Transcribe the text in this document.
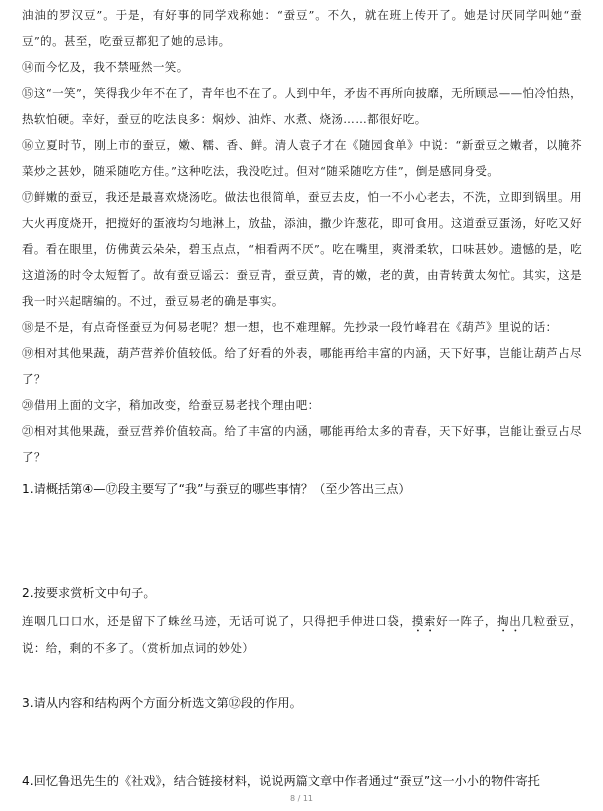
油油的罗汉豆”。于是，有好事的同学戏称她：“蚕豆”。不久，就在班上传开了。她是讨厌同学叫她“蚕豆”的。甚至，吃蚕豆都犯了她的忌讳。
⑭而今忆及，我不禁哑然一笑。
⑮这“一笑”，笑得我少年不在了，青年也不在了。人到中年，矛齿不再所向披靡，无所顾忌——怕冷怕热，热软怕硬。幸好，蚕豆的吃法良多：焖炒、油炸、水煮、烧汤……都很好吃。
⑯立夏时节，刚上市的蚕豆，嫩、糯、香、鲜。清人袁子才在《随园食单》中说：“新蚕豆之嫩者，以腌芥菜炒之甚妙，随采随吃方佳。”这种吃法，我没吃过。但对“随采随吃方佳”，倒是感同身受。
⑰鲜嫩的蚕豆，我还是最喜欢烧汤吃。做法也很简单，蚕豆去皮，怕一不小心老去，不洗，立即到锅里。用大火再度烧开，把搅好的蛋液均匀地淋上，放盐，添油，撒少许葱花，即可食用。这道蚕豆蛋汤，好吃又好看。看在眼里，仿佛黄云朵朵，碧玉点点，“相看两不厌”。吃在嘴里，爽滑柔软，口味甚妙。遗憾的是，吃这道汤的时令太短暂了。故有蚕豆谣云：蚕豆青，蚕豆黄，青的嫩，老的黄，由青转黄太匆忙。其实，这是我一时兴起瞎编的。不过，蚕豆易老的确是事实。
⑱是不是，有点奇怪蚕豆为何易老呢？想一想，也不难理解。先抄录一段竹峰君在《葫芦》里说的话：
⑲相对其他果蔬，葫芦营养价值较低。给了好看的外表，哪能再给丰富的内涵，天下好事，岂能让葫芦占尽了？
⑳借用上面的文字，稍加改变，给蚕豆易老找个理由吧：
㉑相对其他果蔬，蚕豆营养价值较高。给了丰富的内涵，哪能再给太多的青春，天下好事，岂能让蚕豆占尽了？
1.请概括第④—⑰段主要写了“我”与蚕豆的哪些事情？（至少答出三点）
2.按要求赏析文中句子。
连咽几口口水，还是留下了蛛丝马迹，无话可说了，只得把手伸进口袋，摸索好一阵子，掏出几粒蚕豆，说：给，剩的不多了。（赏析加点词的妙处）
3.请从内容和结构两个方面分析选文第⑫段的作用。
4.回忆鲁迅先生的《社戏》，结合链接材料，说说两篇文章中作者通过“蚕豆”这一小小的物件寄托
8 / 11
